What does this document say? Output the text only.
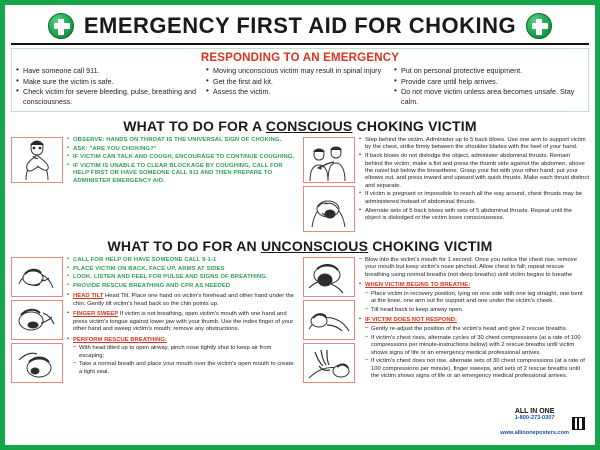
EMERGENCY FIRST AID FOR CHOKING
RESPONDING TO AN EMERGENCY
• Have someone call 911.
• Make sure the victim is safe.
• Check victim for severe bleeding, pulse, breathing and consciousness.
• Moving unconscious victim may result in spinal injury
• Get the first aid kit.
• Assess the victim.
• Put on personal protective equipment.
• Provide care until help arrives.
• Do not move victim unless area becomes unsafe. Stay calm.
WHAT TO DO FOR A CONSCIOUS CHOKING VICTIM
• OBSERVE: HANDS ON THROAT IS THE UNIVERSAL SIGN OF CHOKING.
• ASK: "ARE YOU CHOKING?"
• IF VICTIM CAN TALK AND COUGH, ENCOURAGE TO CONTINUE COUGHING.
• IF VICTIM IS UNABLE TO CLEAR BLOCKAGE BY COUGHING, CALL FOR HELP FIRST OR HAVE SOMEONE CALL 911 AND THEN PREPARE TO ADMINISTER EMERGENCY AID.
• Step behind the victim. Administer up to 5 back blows. Use one arm to support victim by the chest, strike firmly between the shoulder blades with the heel of your hand.
• If back blows do not dislodge the object, administer abdominal thrusts. Remain behind the victim; make a fist and press the thumb side against the abdomen, above the navel but below the breastbone. Grasp your fist with your other hand; put your elbows out, and press inward and upward with quick thrusts. Make each thrust distinct and separate.
• If victim is pregnant or impossible to reach all the way around, chest thrusts may be administered instead of abdominal thrusts.
• Alternate sets of 5 back blows with sets of 5 abdominal thrusts. Repeat until the object is dislodged or the victim loses consciousness.
WHAT TO DO FOR AN UNCONSCIOUS CHOKING VICTIM
• CALL FOR HELP OR HAVE SOMEONE CALL 9-1-1
• PLACE VICTIM ON BACK, FACE UP, ARMS AT SIDES
• LOOK, LISTEN AND FEEL FOR PULSE AND SIGNS OF BREATHING.
• PROVIDE RESCUE BREATHING AND CPR AS NEEDED
• HEAD TILT Head Tilt. Place one hand on victim's forehead and other hand under the chin. Gently tilt victim's head back so the chin points up.
• FINGER SWEEP If victim is not breathing, open victim's mouth with one hand and press victim's tongue against lower jaw with your thumb. Use the index finger of your other hand and sweep victim's mouth; remove any obstructions.
• PERFORM RESCUE BREATHING:
– With head tilted up to open airway, pinch nose tightly shut to keep air from escaping;
– Take a normal breath and place your mouth over the victim's open mouth to create a tight seal.
– Blow into the victim's mouth for 1 second. Once you notice the chest rise, remove your mouth but keep victim's nose pinched. Allow chest to fall; repeat rescue breathing using normal breaths (not deep breaths) until victim begins to breathe
• WHEN VICTIM BEGINS TO BREATHE:
– Place victim in recovery position, lying on one side with one leg straight, one bent at the knee, one arm out for support and one under the victim's cheek.
– Tilt head back to keep airway open.
• IF VICTIM DOES NOT RESPOND:
– Gently re-adjust the position of the victim's head and give 2 rescue breaths.
– If victim's chest rises, alternate cycles of 30 chest compressions (at a rate of 100 compressions per minute-instructions below) with 2 rescue breaths until victim shows signs of life or an emergency medical professional arrives.
– If victim's chest does not rise, alternate sets of 30 chest compressions (at a rate of 100 compressions per minute), finger sweeps, and sets of 2 rescue breaths until the victim shows signs of life or an emergency medical professional arrives.
ALL IN ONE
1-800-273-0307
www.allinoneposters.com
